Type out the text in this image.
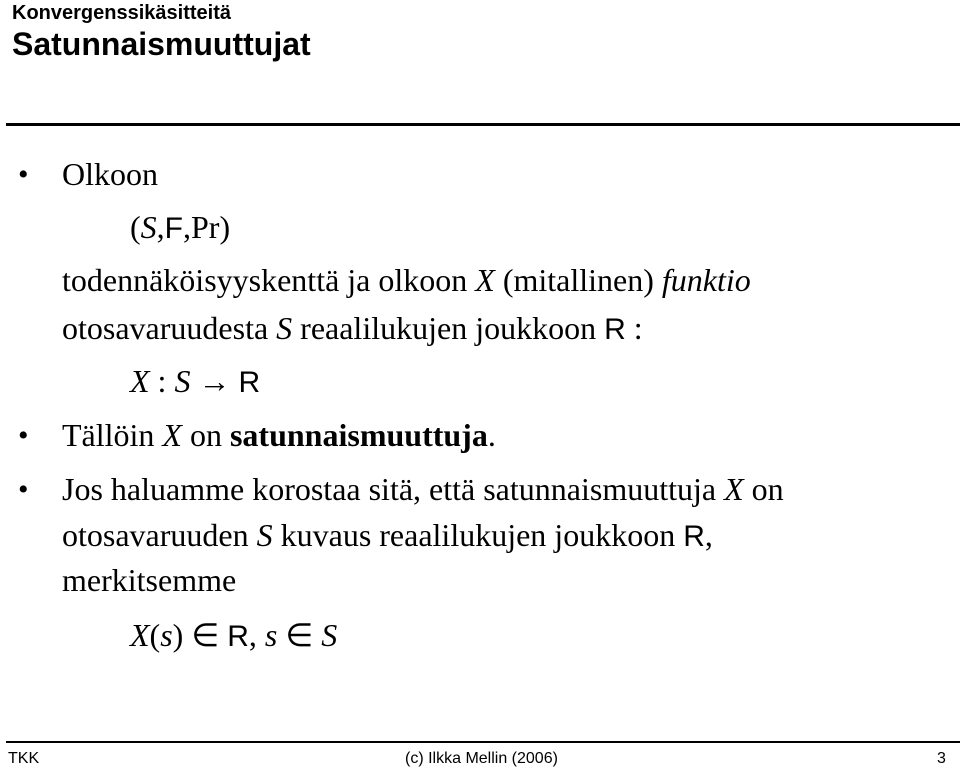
Konvergenssikäsitteitä
Satunnaismuuttujat
• Olkoon
(S,F,Pr)
todennäköisyyskenttä ja olkoon X (mitallinen) funktio
otosavaruudesta S reaalilukujen joukkoon R :
X : S → R
• Tällöin X on satunnaismuuttuja.
• Jos haluamme korostaa sitä, että satunnaismuuttuja X on
otosavaruuden S kuvaus reaalilukujen joukkoon R,
merkitsemme
X(s) ∈ R, s ∈ S
TKK	(c) Ilkka Mellin (2006)	3
